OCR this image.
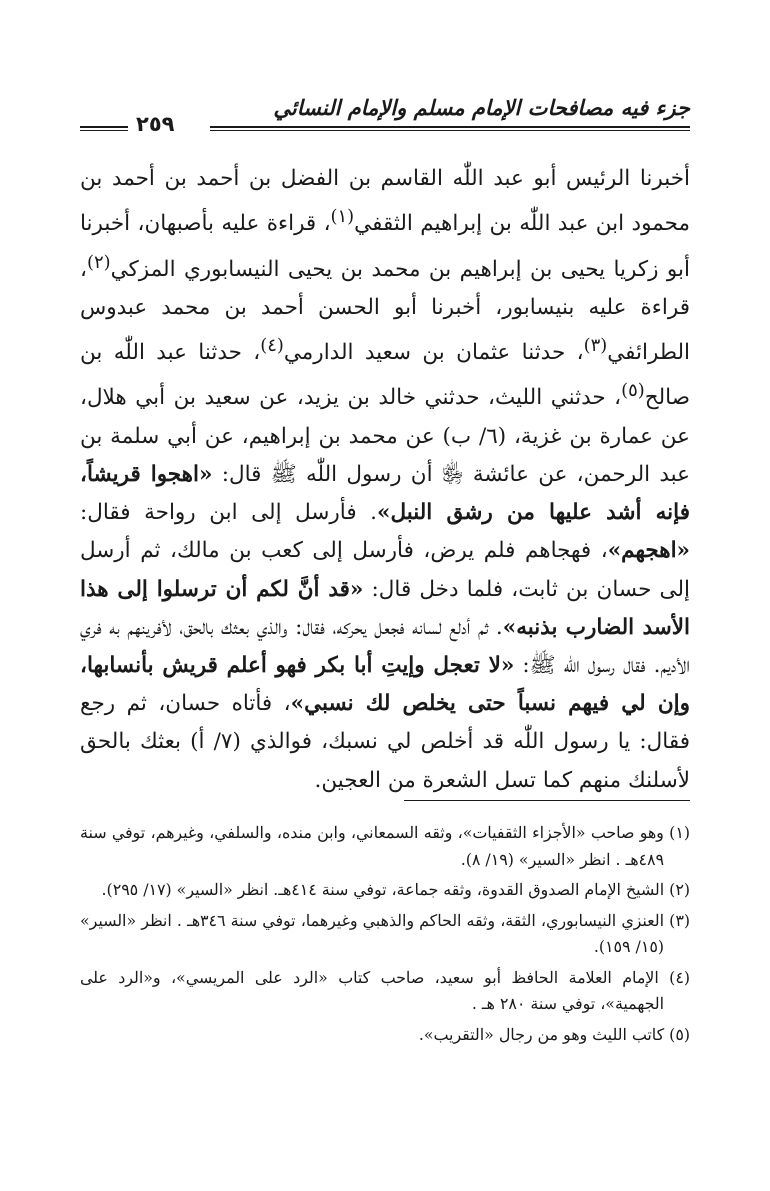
جزء فيه مصافحات الإمام مسلم والإمام النسائي
٢٥٩

أخبرنا الرئيس أبو عبد اللّٰه القاسم بن الفضل بن أحمد بن أحمد بن محمود ابن عبد اللّٰه بن إبراهيم الثقفي$^{(١)}$، قراءة عليه بأصبهان، أخبرنا أبو زكريا يحيى بن إبراهيم بن محمد بن يحيى النيسابوري المزكي$^{(٢)}$، قراءة عليه بنيسابور، أخبرنا أبو الحسن أحمد بن محمد عبدوس الطرائفي$^{(٣)}$، حدثنا عثمان بن سعيد الدارمي$^{(٤)}$، حدثنا عبد اللّٰه بن صالح$^{(٥)}$، حدثني الليث، حدثني خالد بن يزيد، عن سعيد بن أبي هلال، عن عمارة بن غزية، (٦/ ب) عن محمد بن إبراهيم، عن أبي سلمة بن عبد الرحمن، عن عائشة ﵂ أن رسول اللّٰه ﷺ قال: «اهجوا قريشاً، فإنه أشد عليها من رشق النبل». فأرسل إلى ابن رواحة فقال: «اهجهم»، فهجاهم فلم يرض، فأرسل إلى كعب بن مالك، ثم أرسل إلى حسان بن ثابت، فلما دخل قال: «قد أنَّ لكم أن ترسلوا إلى هذا الأسد الضارب بذنبه». ثم أدلع لسانه فجعل يحركه، فقال: والذي بعثك بالحق، لأفرينهم به فري الأديم. فقال رسول اللّٰه ﷺ: «لا تعجل وإيتِ أبا بكر فهو أعلم قريش بأنسابها، وإن لي فيهم نسباً حتى يخلص لك نسبي»، فأتاه حسان، ثم رجع فقال: يا رسول اللّٰه قد أخلص لي نسبك، فوالذي (٧/ أ) بعثك بالحق لأسلنك منهم كما تسل الشعرة من العجين.

(١) وهو صاحب «الأجزاء الثقفيات»، وثقه السمعاني، وابن منده، والسلفي، وغيرهم، توفي سنة ٤٨٩هـ . انظر «السير» (١٩/ ٨).

(٢) الشيخ الإمام الصدوق القدوة، وثقه جماعة، توفي سنة ٤١٤هـ. انظر «السير» (١٧/ ٢٩٥).

(٣) العنزي النيسابوري، الثقة، وثقه الحاكم والذهبي وغيرهما، توفي سنة ٣٤٦هـ . انظر «السير» (١٥/ ١٥٩).

(٤) الإمام العلامة الحافظ أبو سعيد، صاحب كتاب «الرد على المريسي»، و«الرد على الجهمية»، توفي سنة ٢٨٠ هـ .

(٥) كاتب الليث وهو من رجال «التقريب».
